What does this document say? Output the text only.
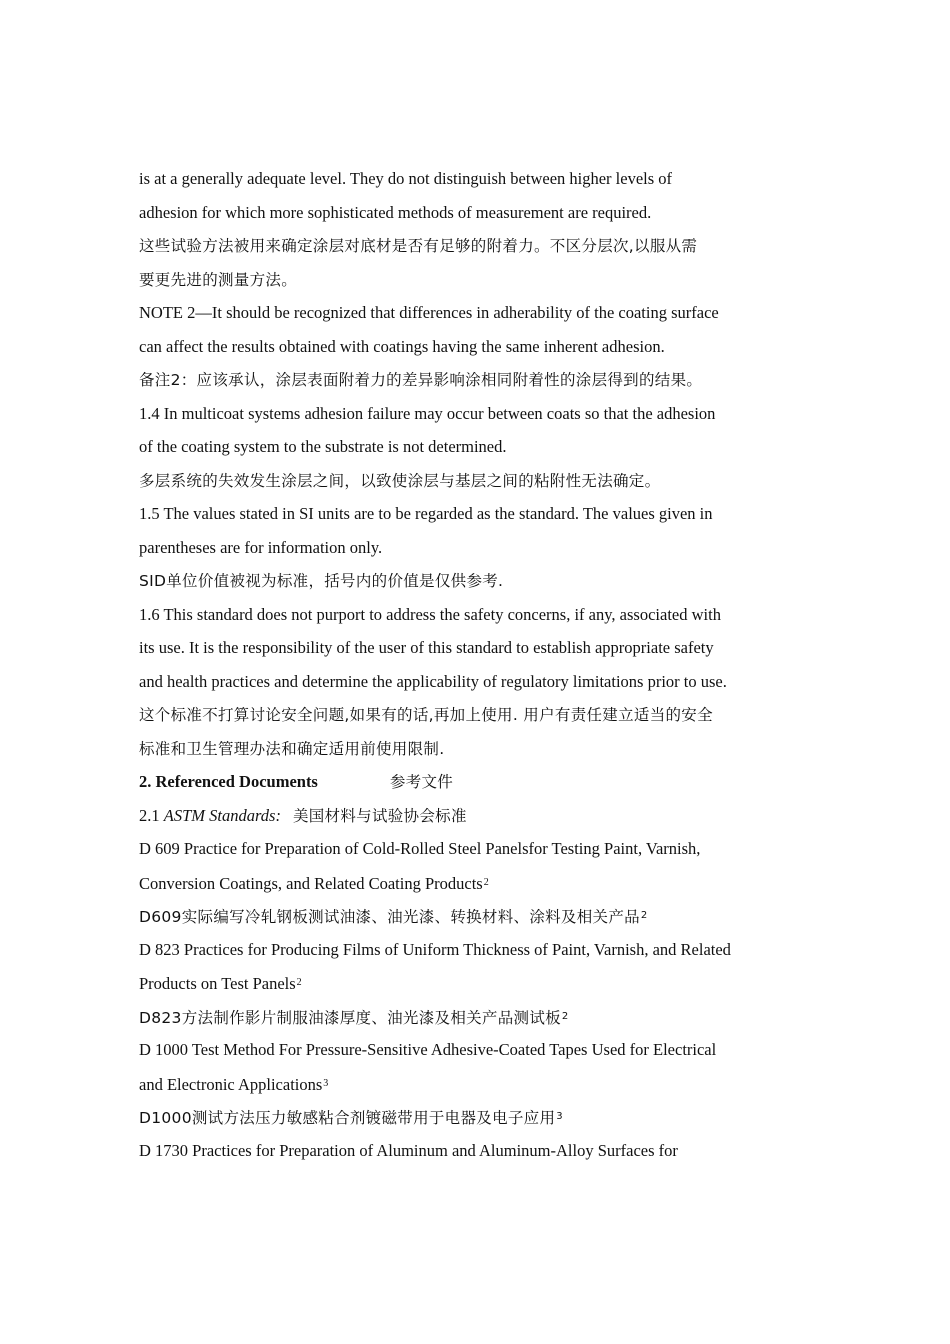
is at a generally adequate level. They do not distinguish between higher levels of
adhesion for which more sophisticated methods of measurement are required.
这些试验方法被用来确定涂层对底材是否有足够的附着力。不区分层次,以服从需
要更先进的测量方法。
NOTE 2—It should be recognized that differences in adherability of the coating surface
can affect the results obtained with coatings having the same inherent adhesion.
备注2：应该承认，涂层表面附着力的差异影响涂相同附着性的涂层得到的结果。
1.4 In multicoat systems adhesion failure may occur between coats so that the adhesion
of the coating system to the substrate is not determined.
多层系统的失效发生涂层之间，以致使涂层与基层之间的粘附性无法确定。
1.5 The values stated in SI units are to be regarded as the standard. The values given in
parentheses are for information only.
SID单位价值被视为标准，括号内的价值是仅供参考.
1.6 This standard does not purport to address the safety concerns, if any, associated with
its use. It is the responsibility of the user of this standard to establish appropriate safety
and health practices and determine the applicability of regulatory limitations prior to use.
这个标准不打算讨论安全问题,如果有的话,再加上使用. 用户有责任建立适当的安全
标准和卫生管理办法和确定适用前使用限制.
2. Referenced Documents	参考文件
2.1 ASTM Standards: 美国材料与试验协会标准
D 609 Practice for Preparation of Cold-Rolled Steel Panelsfor Testing Paint, Varnish,
Conversion Coatings, and Related Coating Products$^2$
D609实际编写冷轧钢板测试油漆、油光漆、转换材料、涂料及相关产品$^2$
D 823 Practices for Producing Films of Uniform Thickness of Paint, Varnish, and Related
Products on Test Panels$^2$
D823方法制作影片制服油漆厚度、油光漆及相关产品测试板$^2$
D 1000 Test Method For Pressure-Sensitive Adhesive-Coated Tapes Used for Electrical
and Electronic Applications$^3$
D1000测试方法压力敏感粘合剂镀磁带用于电器及电子应用$^3$
D 1730 Practices for Preparation of Aluminum and Aluminum-Alloy Surfaces for
